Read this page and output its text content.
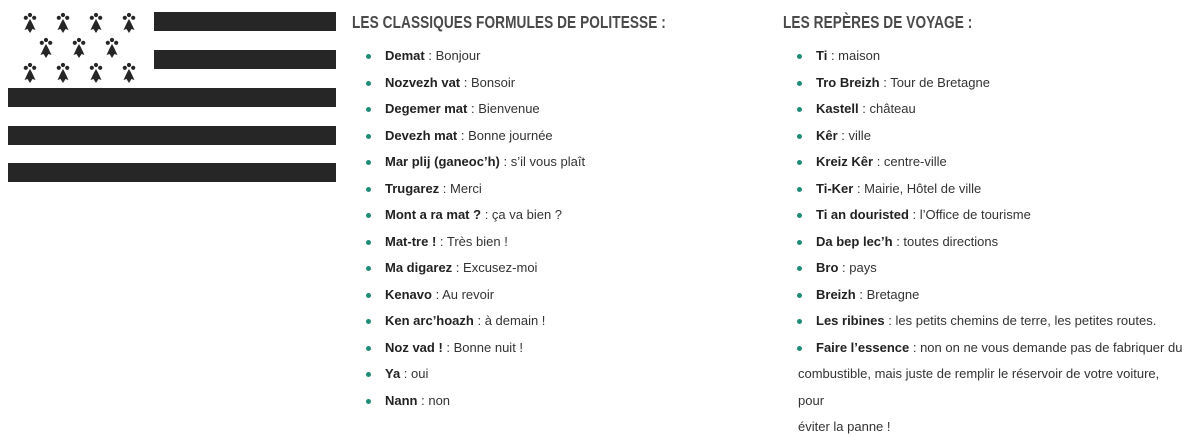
LES CLASSIQUES FORMULES DE POLITESSE :
Demat : Bonjour
Nozvezh vat : Bonsoir
Degemer mat : Bienvenue
Devezh mat : Bonne journée
Mar plij (ganeoc’h) : s’il vous plaît
Trugarez : Merci
Mont a ra mat ? : ça va bien ?
Mat-tre ! : Très bien !
Ma digarez : Excusez-moi
Kenavo : Au revoir
Ken arc’hoazh : à demain !
Noz vad ! : Bonne nuit !
Ya : oui
Nann : non
LES REPÈRES DE VOYAGE :
Ti : maison
Tro Breizh : Tour de Bretagne
Kastell : château
Kêr : ville
Kreiz Kêr : centre-ville
Ti-Ker : Mairie, Hôtel de ville
Ti an douristed : l’Office de tourisme
Da bep lec’h : toutes directions
Bro : pays
Breizh : Bretagne
Les ribines : les petits chemins de terre, les petites routes.
Faire l’essence : non on ne vous demande pas de fabriquer du
combustible, mais juste de remplir le réservoir de votre voiture, pour
éviter la panne !
